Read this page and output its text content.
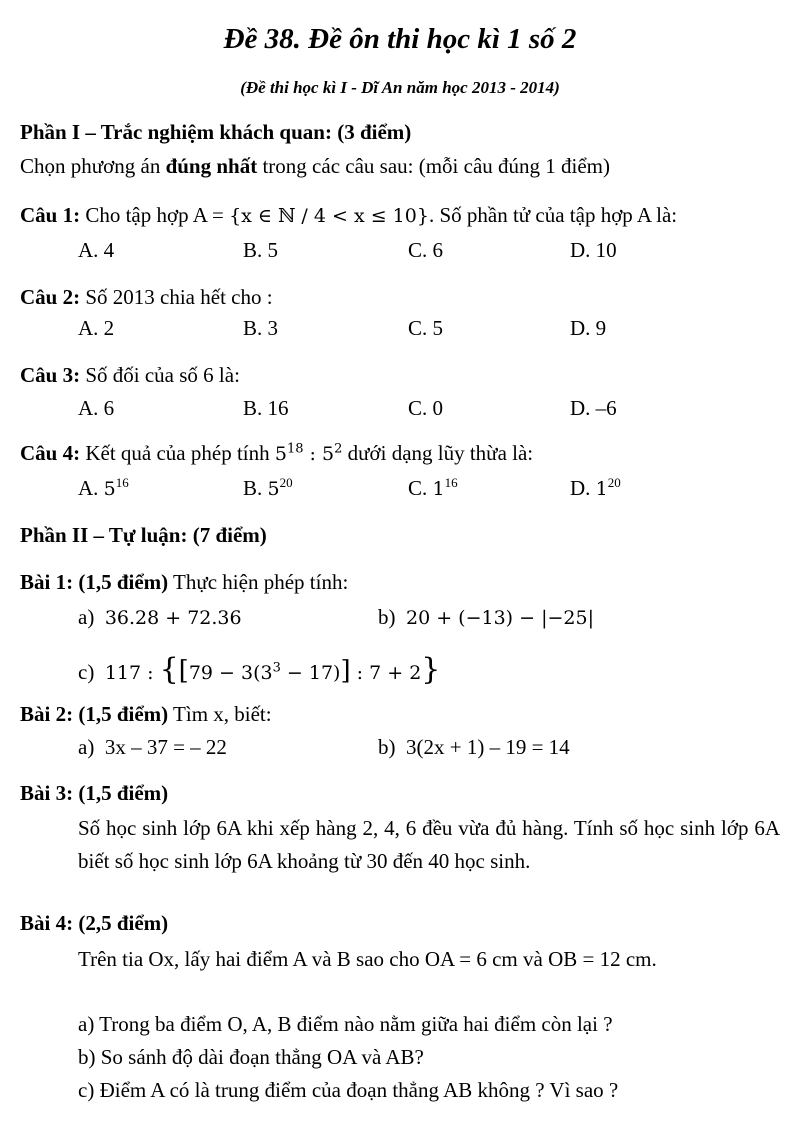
Đề 38. Đề ôn thi học kì 1 số 2
(Đề thi học kì I - Dĩ An năm học 2013 - 2014)
Phần I – Trắc nghiệm khách quan: (3 điểm)
Chọn phương án đúng nhất trong các câu sau: (mỗi câu đúng 1 điểm)
Câu 1: Cho tập hợp A = {x ∈ ℕ / 4 < x ≤ 10}. Số phần tử của tập hợp A là:
A. 4	B. 5	C. 6	D. 10
Câu 2: Số 2013 chia hết cho :
A. 2	B. 3	C. 5	D. 9
Câu 3: Số đối của số 6 là:
A. 6	B. 16	C. 0	D. –6
Câu 4: Kết quả của phép tính $5^{18}$ : $5^2$ dưới dạng lũy thừa là:
A. $5^{16}$	B. $5^{20}$	C. $1^{16}$	D. $1^{20}$
Phần II – Tự luận: (7 điểm)
Bài 1: (1,5 điểm) Thực hiện phép tính:
a) 36.28 + 72.36	b) 20 + (−13) − |−25|
c) 117 : {$[79 - 3(3^3 - 17)]$ : 7 + 2}
Bài 2: (1,5 điểm) Tìm x, biết:
a) 3x – 37 = – 22	b) 3(2x + 1) – 19 = 14
Bài 3: (1,5 điểm)
Số học sinh lớp 6A khi xếp hàng 2, 4, 6 đều vừa đủ hàng. Tính số học sinh lớp 6A biết số học sinh lớp 6A khoảng từ 30 đến 40 học sinh.
Bài 4: (2,5 điểm)
Trên tia Ox, lấy hai điểm A và B sao cho OA = 6 cm và OB = 12 cm.
a) Trong ba điểm O, A, B điểm nào nằm giữa hai điểm còn lại ?
b) So sánh độ dài đoạn thẳng OA và AB?
c) Điểm A có là trung điểm của đoạn thẳng AB không ? Vì sao ?
